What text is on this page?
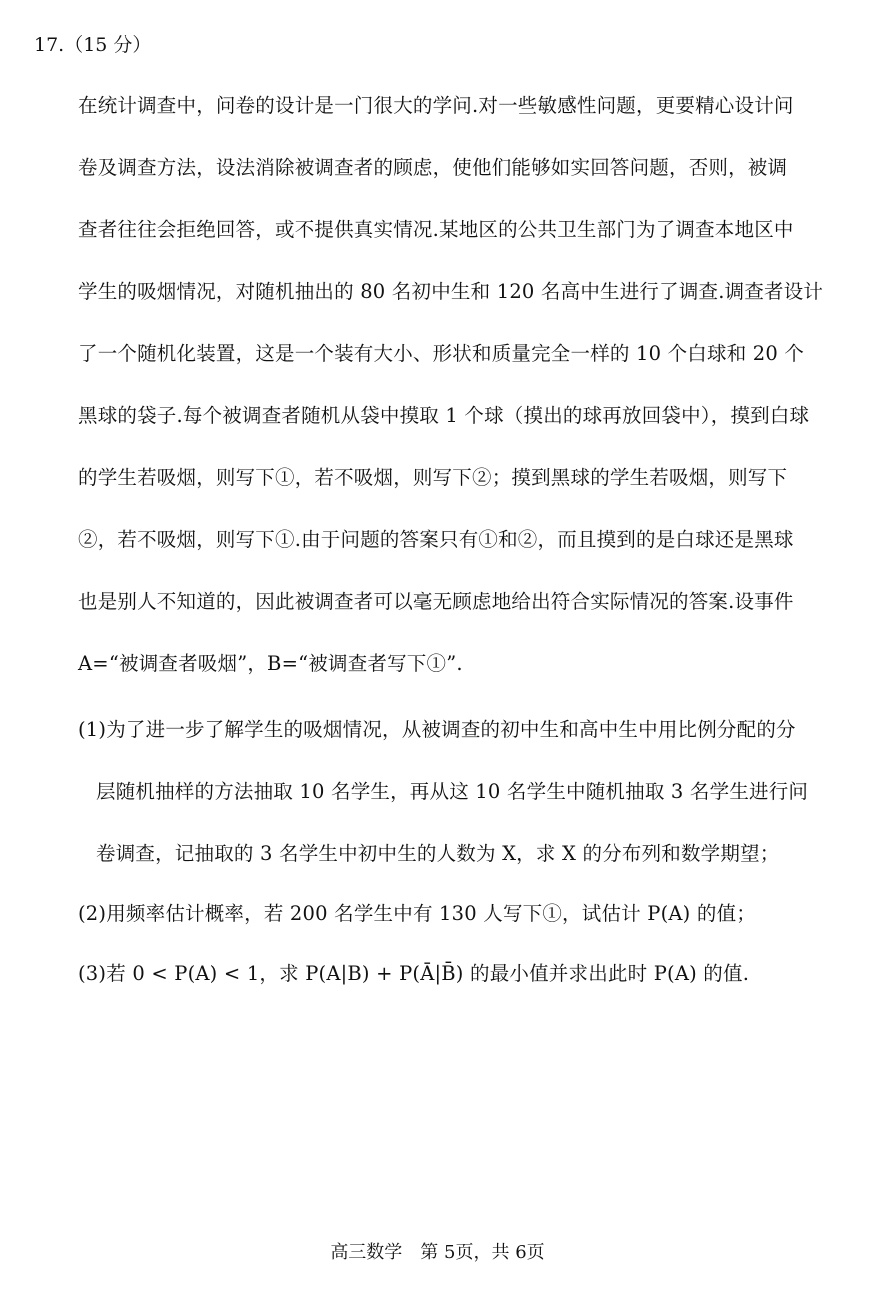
17.（15 分）
在统计调查中，问卷的设计是一门很大的学问.对一些敏感性问题，更要精心设计问
卷及调查方法，设法消除被调查者的顾虑，使他们能够如实回答问题，否则，被调
查者往往会拒绝回答，或不提供真实情况.某地区的公共卫生部门为了调查本地区中
学生的吸烟情况，对随机抽出的 80 名初中生和 120 名高中生进行了调查.调查者设计
了一个随机化装置，这是一个装有大小、形状和质量完全一样的 10 个白球和 20 个
黑球的袋子.每个被调查者随机从袋中摸取 1 个球（摸出的球再放回袋中），摸到白球
的学生若吸烟，则写下①，若不吸烟，则写下②；摸到黑球的学生若吸烟，则写下
②，若不吸烟，则写下①.由于问题的答案只有①和②，而且摸到的是白球还是黑球
也是别人不知道的，因此被调查者可以毫无顾虑地给出符合实际情况的答案.设事件
A=“被调查者吸烟”，B=“被调查者写下①”.
(1)为了进一步了解学生的吸烟情况，从被调查的初中生和高中生中用比例分配的分
层随机抽样的方法抽取 10 名学生，再从这 10 名学生中随机抽取 3 名学生进行问
卷调查，记抽取的 3 名学生中初中生的人数为 X，求 X 的分布列和数学期望；
(2)用频率估计概率，若 200 名学生中有 130 人写下①，试估计 P(A) 的值；
(3)若 0 < P(A) < 1，求 P(A|B) + P(Ā|B̄) 的最小值并求出此时 P(A) 的值.
高三数学　第 5页，共 6页
